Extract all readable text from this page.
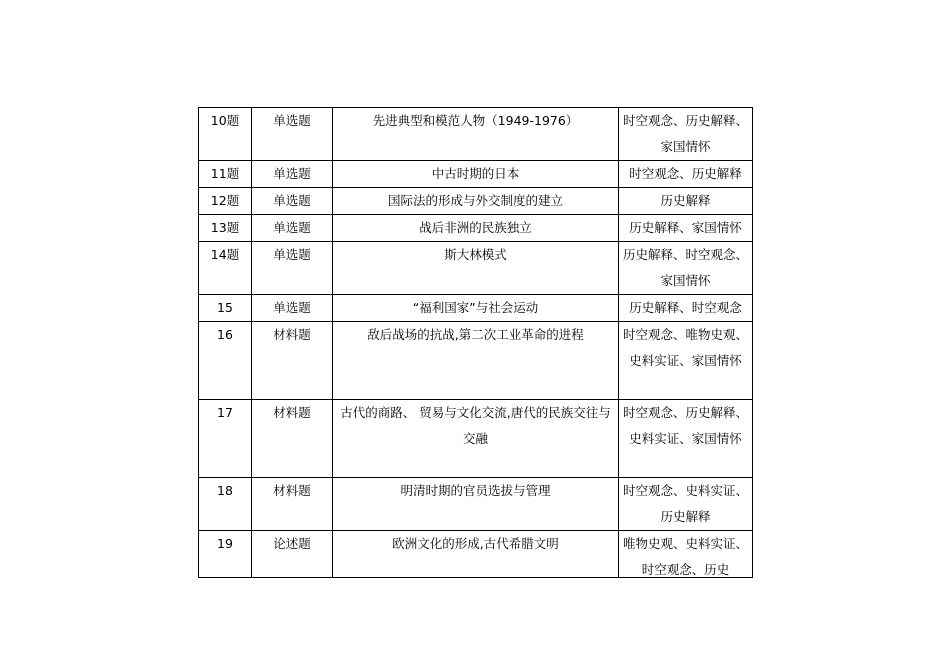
10题	单选题	先进典型和模范人物（1949-1976）	时空观念、历史解释、家国情怀
11题	单选题	中古时期的日本	时空观念、历史解释
12题	单选题	国际法的形成与外交制度的建立	历史解释
13题	单选题	战后非洲的民族独立	历史解释、家国情怀
14题	单选题	斯大林模式	历史解释、时空观念、家国情怀
15	单选题	“福利国家”与社会运动	历史解释、时空观念
16	材料题	敌后战场的抗战,第二次工业革命的进程	时空观念、唯物史观、史料实证、家国情怀
17	材料题	古代的商路、 贸易与文化交流,唐代的民族交往与交融	时空观念、历史解释、史料实证、家国情怀
18	材料题	明清时期的官员选拔与管理	时空观念、史料实证、历史解释
19	论述题	欧洲文化的形成,古代希腊文明	唯物史观、史料实证、时空观念、历史
